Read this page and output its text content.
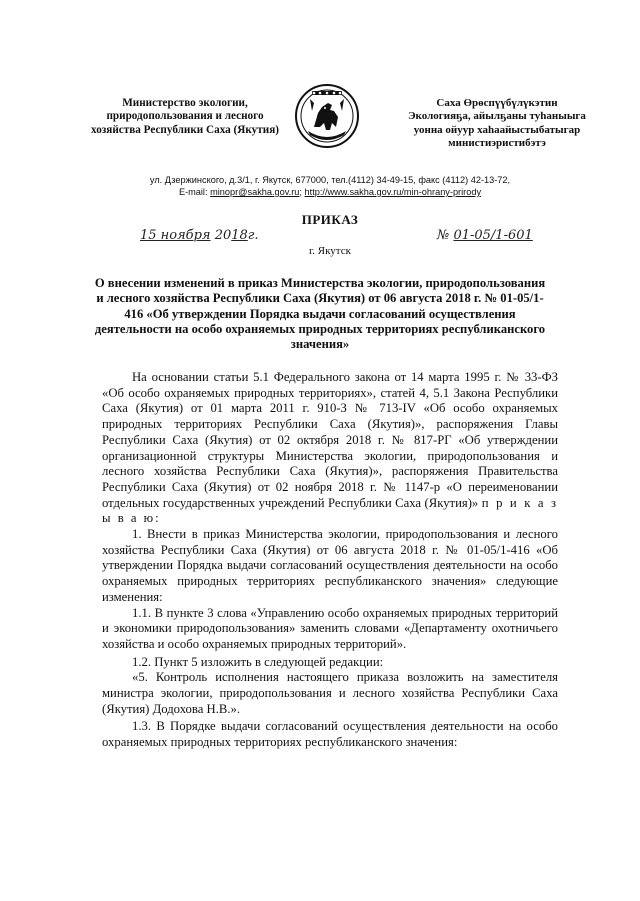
Министерство экологии,
природопользования и лесного
хозяйства Республики Саха (Якутия)
Саха Өрөспүүбүлүкэтин
Экологияҕа, айылҕаны туһаныыга
уонна ойуур хаһаайыстыбатыгар
министиэристибэтэ
ул. Дзержинского, д.3/1, г. Якутск, 677000, тел.(4112) 34-49-15, факс (4112) 42-13-72,
E-mail: minopr@sakha.gov.ru; http://www.sakha.gov.ru/min-ohrany-prirody
ПРИКАЗ
15 ноября 2018г.	№ 01-05/1-601
г. Якутск
О внесении изменений в приказ Министерства экологии, природопользования и лесного хозяйства Республики Саха (Якутия) от 06 августа 2018 г. № 01-05/1-416 «Об утверждении Порядка выдачи согласований осуществления деятельности на особо охраняемых природных территориях республиканского значения»

На основании статьи 5.1 Федерального закона от 14 марта 1995 г. № 33-ФЗ «Об особо охраняемых природных территориях», статей 4, 5.1 Закона Республики Саха (Якутия) от 01 марта 2011 г. 910-З № 713-IV «Об особо охраняемых природных территориях Республики Саха (Якутия)», распоряжения Главы Республики Саха (Якутия) от 02 октября 2018 г. № 817-РГ «Об утверждении организационной структуры Министерства экологии, природопользования и лесного хозяйства Республики Саха (Якутия)», распоряжения Правительства Республики Саха (Якутия) от 02 ноября 2018 г. № 1147-р «О переименовании отдельных государственных учреждений Республики Саха (Якутия)» п р и к а з ы в а ю:

1. Внести в приказ Министерства экологии, природопользования и лесного хозяйства Республики Саха (Якутия) от 06 августа 2018 г. № 01-05/1-416 «Об утверждении Порядка выдачи согласований осуществления деятельности на особо охраняемых природных территориях республиканского значения» следующие изменения:

1.1. В пункте 3 слова «Управлению особо охраняемых природных территорий и экономики природопользования» заменить словами «Департаменту охотничьего хозяйства и особо охраняемых природных территорий».

1.2. Пункт 5 изложить в следующей редакции:

«5. Контроль исполнения настоящего приказа возложить на заместителя министра экологии, природопользования и лесного хозяйства Республики Саха (Якутия) Додохова Н.В.».

1.3. В Порядке выдачи согласований осуществления деятельности на особо охраняемых природных территориях республиканского значения:
